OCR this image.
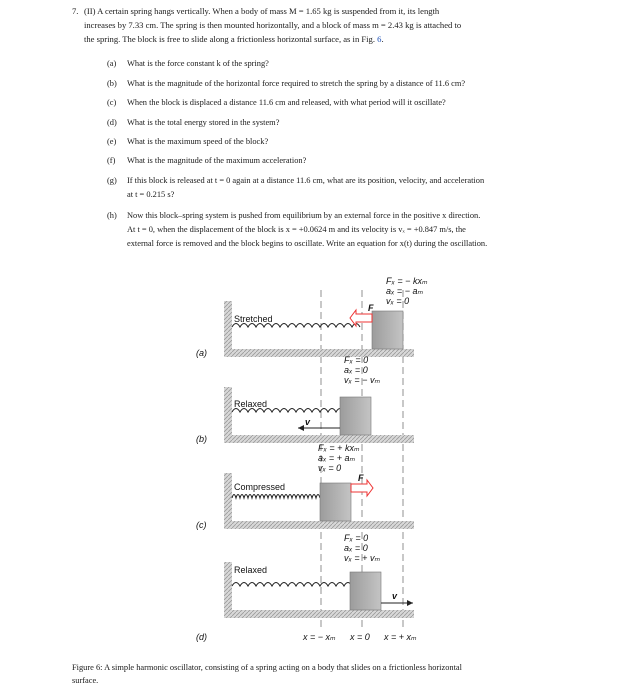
7. (II) A certain spring hangs vertically. When a body of mass M = 1.65 kg is suspended from it, its length
increases by 7.33 cm. The spring is then mounted horizontally, and a block of mass m = 2.43 kg is attached to
the spring. The block is free to slide along a frictionless horizontal surface, as in Fig. 6.
(a) What is the force constant k of the spring?
(b) What is the magnitude of the horizontal force required to stretch the spring by a distance of 11.6 cm?
(c) When the block is displaced a distance 11.6 cm and released, with what period will it oscillate?
(d) What is the total energy stored in the system?
(e) What is the maximum speed of the block?
(f) What is the magnitude of the maximum acceleration?
(g) If this block is released at t = 0 again at a distance 11.6 cm, what are its position, velocity, and acceleration
at t = 0.215 s?
(h) Now this block–spring system is pushed from equilibrium by an external force in the positive x direction.
At t = 0, when the displacement of the block is x = +0.0624 m and its velocity is vₓ = +0.847 m/s, the
external force is removed and the block begins to oscillate. Write an equation for x(t) during the oscillation.
Stretched
(a)
F
Fₓ = − kxₘ
aₓ = − aₘ
vₓ = 0
Relaxed
(b)
v
Fₓ = 0
aₓ = 0
vₓ = − vₘ
Compressed
(c)
F
Fₓ = + kxₘ
aₓ = + aₘ
vₓ = 0
Relaxed
(d)
v
Fₓ = 0
aₓ = 0
vₓ = + vₘ
x = − xₘ x = 0 x = + xₘ
Figure 6: A simple harmonic oscillator, consisting of a spring acting on a body that slides on a frictionless horizontal
surface.
